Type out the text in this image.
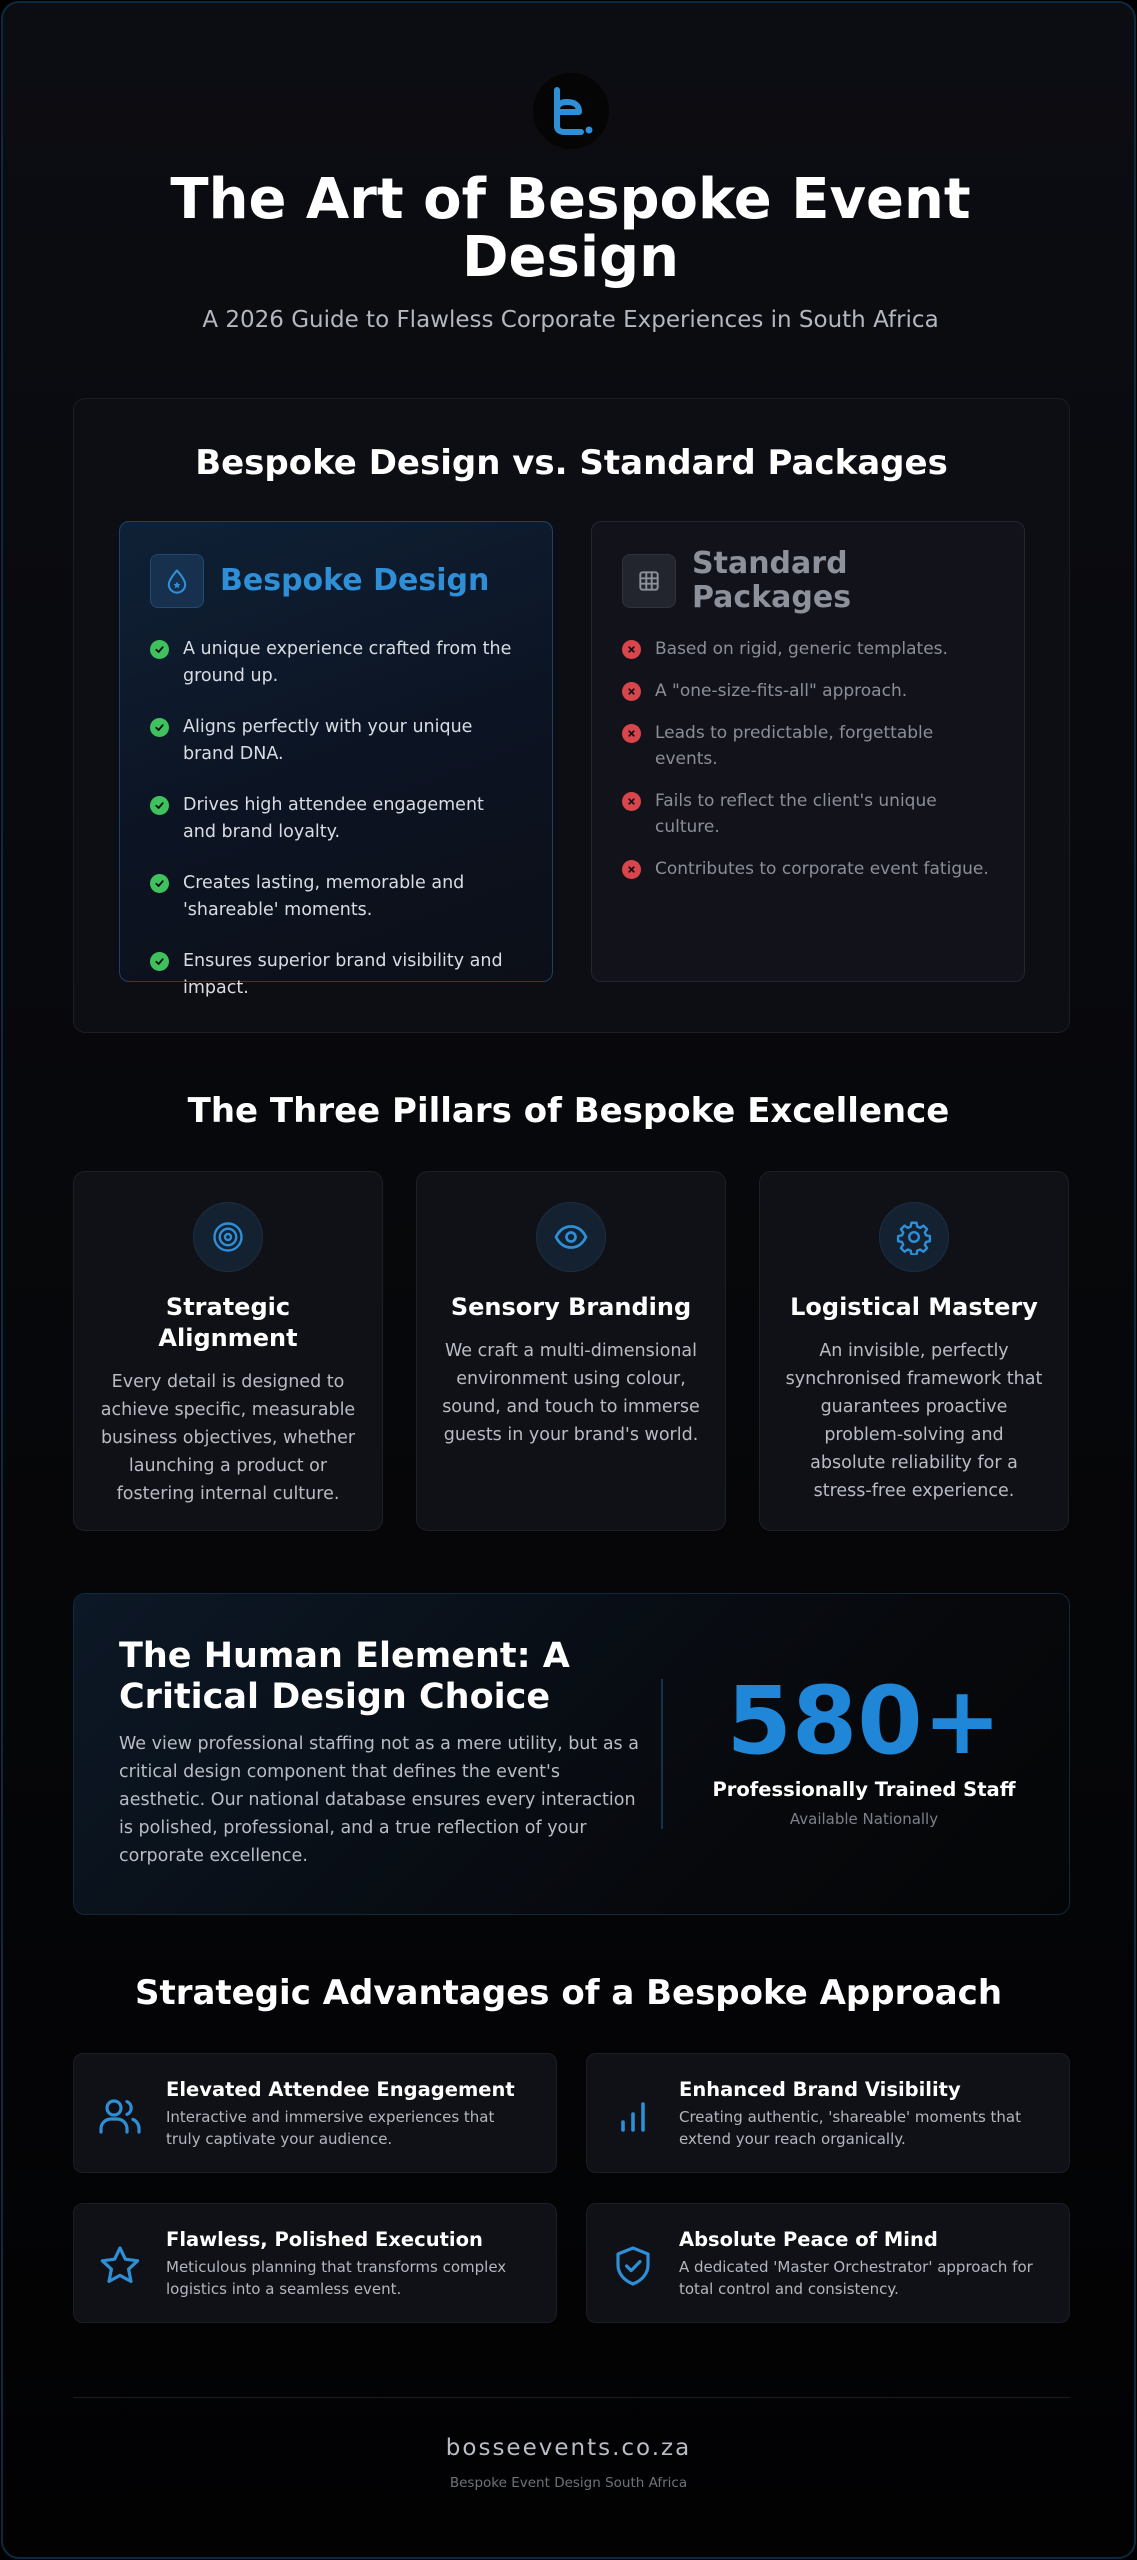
The Art of Bespoke Event
Design
A 2026 Guide to Flawless Corporate Experiences in South Africa
Bespoke Design vs. Standard Packages
Bespoke Design
A unique experience crafted from the ground up.
Aligns perfectly with your unique brand DNA.
Drives high attendee engagement and brand loyalty.
Creates lasting, memorable and 'shareable' moments.
Ensures superior brand visibility and impact.
Standard Packages
Based on rigid, generic templates.
A "one-size-fits-all" approach.
Leads to predictable, forgettable events.
Fails to reflect the client's unique culture.
Contributes to corporate event fatigue.
The Three Pillars of Bespoke Excellence
Strategic Alignment
Every detail is designed to achieve specific, measurable business objectives, whether launching a product or fostering internal culture.
Sensory Branding
We craft a multi-dimensional environment using colour, sound, and touch to immerse guests in your brand's world.
Logistical Mastery
An invisible, perfectly synchronised framework that guarantees proactive problem-solving and absolute reliability for a stress-free experience.
The Human Element: A Critical Design Choice
We view professional staffing not as a mere utility, but as a critical design component that defines the event's aesthetic. Our national database ensures every interaction is polished, professional, and a true reflection of your corporate excellence.
580+
Professionally Trained Staff
Available Nationally
Strategic Advantages of a Bespoke Approach
Elevated Attendee Engagement
Interactive and immersive experiences that truly captivate your audience.
Enhanced Brand Visibility
Creating authentic, 'shareable' moments that extend your reach organically.
Flawless, Polished Execution
Meticulous planning that transforms complex logistics into a seamless event.
Absolute Peace of Mind
A dedicated 'Master Orchestrator' approach for total control and consistency.
bosseevents.co.za
Bespoke Event Design South Africa
